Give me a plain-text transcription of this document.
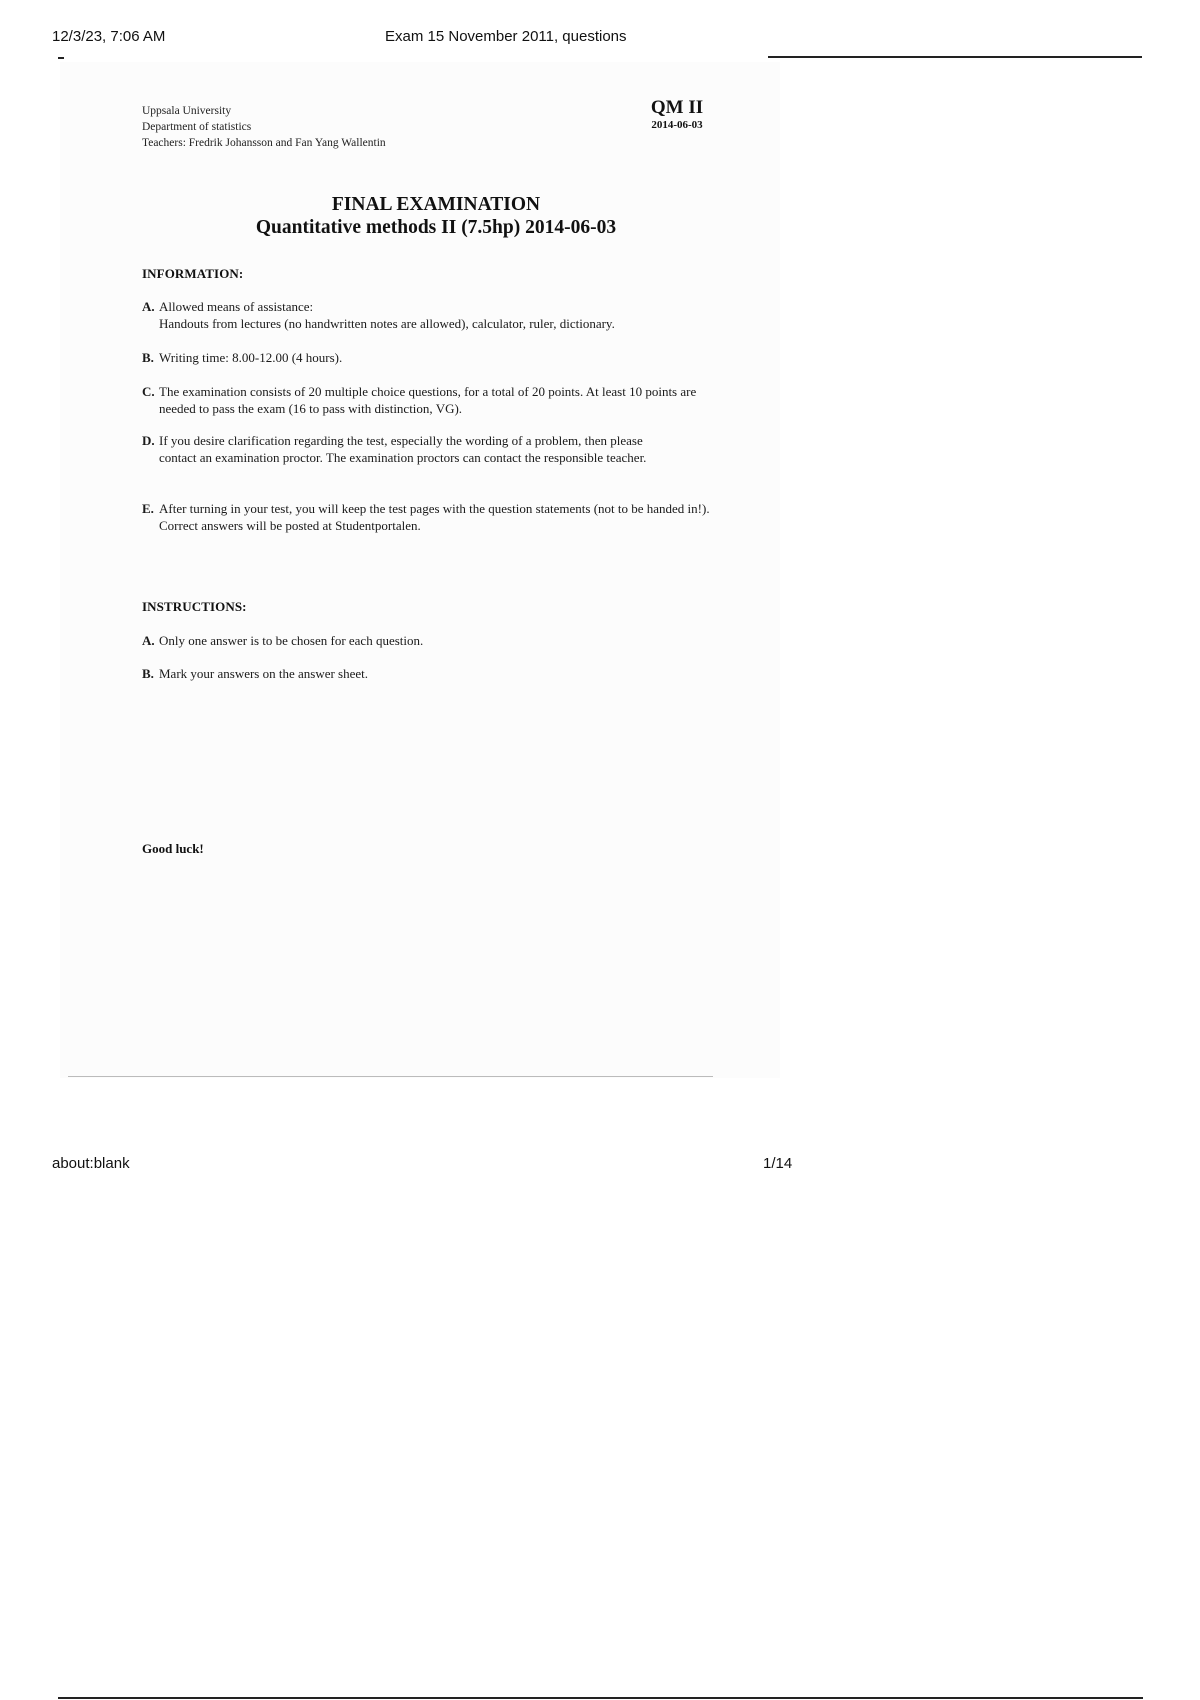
12/3/23, 7:06 AM	Exam 15 November 2011, questions
Uppsala University
Department of statistics
Teachers: Fredrik Johansson and Fan Yang Wallentin
QM II
2014-06-03
FINAL EXAMINATION
Quantitative methods II (7.5hp) 2014-06-03
INFORMATION:
A. Allowed means of assistance:
Handouts from lectures (no handwritten notes are allowed), calculator, ruler, dictionary.
B. Writing time: 8.00-12.00 (4 hours).
C. The examination consists of 20 multiple choice questions, for a total of 20 points. At least 10 points are needed to pass the exam (16 to pass with distinction, VG).
D. If you desire clarification regarding the test, especially the wording of a problem, then please contact an examination proctor. The examination proctors can contact the responsible teacher.
E. After turning in your test, you will keep the test pages with the question statements (not to be handed in!). Correct answers will be posted at Studentportalen.
INSTRUCTIONS:
A. Only one answer is to be chosen for each question.
B. Mark your answers on the answer sheet.
Good luck!
about:blank	1/14
